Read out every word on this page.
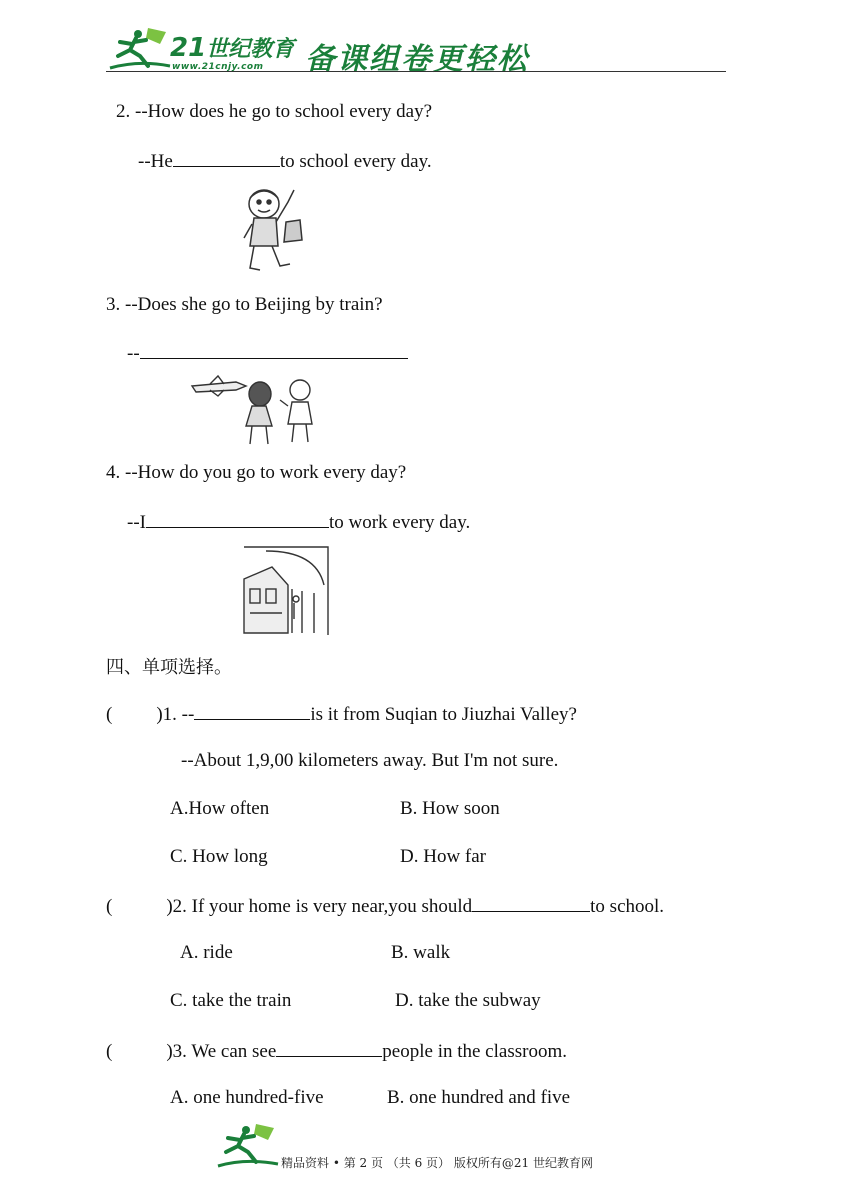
21世纪教育
www.21cnjy.com 备课组卷更轻松
2. --How does he go to school every day?
--He	to school every day.
3. --Does she go to Beijing by train?
--
4. --How do you go to work every day?
--I	to work every day.
四、单项选择。
( )1. --	is it from Suqian to Jiuzhai Valley?
--About 1,9,00 kilometers away. But I'm not sure.
A.How often	B. How soon
C. How long	D. How far
(	)2. If your home is very near,you should	to school.
A. ride	B. walk
C. take the train	D. take the subway
(	)3. We can see	people in the classroom.
A. one hundred-five	B. one hundred and five
精品资料 • 第 2 页 （共 6 页） 版权所有@21 世纪教育网
